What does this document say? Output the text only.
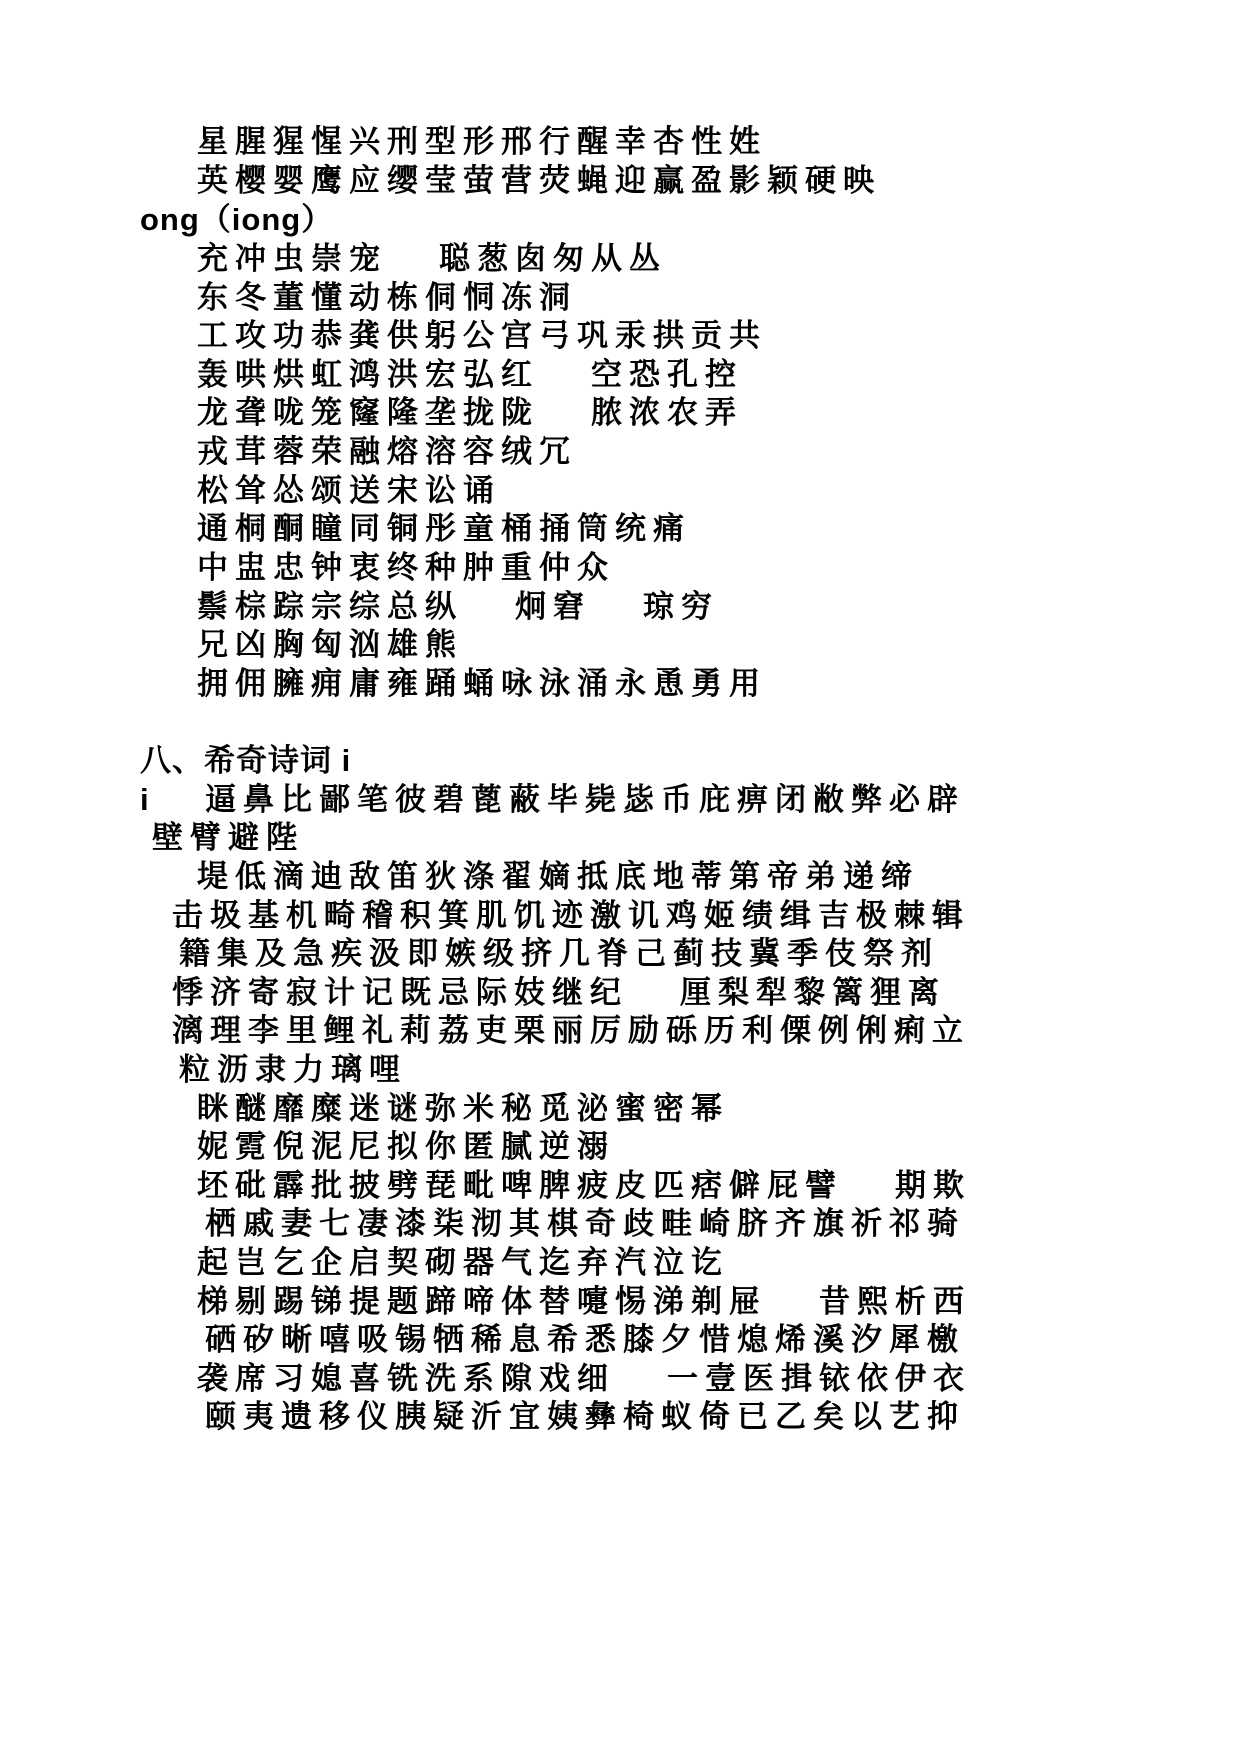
星腥猩惺兴刑型形邢行醒幸杏性姓
英樱婴鹰应缨莹萤营荧蝇迎赢盈影颖硬映
ong（iong）
充冲虫崇宠 聪葱囱匆从丛
东冬董懂动栋侗恫冻洞
工攻功恭龚供躬公宫弓巩汞拱贡共
轰哄烘虹鸿洪宏弘红 空恐孔控
龙聋咙笼窿隆垄拢陇 脓浓农弄
戎茸蓉荣融熔溶容绒冗
松耸怂颂送宋讼诵
通桐酮瞳同铜彤童桶捅筒统痛
中盅忠钟衷终种肿重仲众
鬃棕踪宗综总纵 炯窘 琼穷
兄凶胸匈汹雄熊
拥佣臃痈庸雍踊蛹咏泳涌永恿勇用
八、希奇诗词 i
i 逼鼻比鄙笔彼碧蓖蔽毕毙毖币庇痹闭敝弊必辟
壁臂避陛
堤低滴迪敌笛狄涤翟嫡抵底地蒂第帝弟递缔
击圾基机畸稽积箕肌饥迹激讥鸡姬绩缉吉极棘辑
籍集及急疾汲即嫉级挤几脊己蓟技冀季伎祭剂
悸济寄寂计记既忌际妓继纪 厘梨犁黎篱狸离
漓理李里鲤礼莉荔吏栗丽厉励砾历利傈例俐痢立
粒沥隶力璃哩
眯醚靡糜迷谜弥米秘觅泌蜜密幂
妮霓倪泥尼拟你匿腻逆溺
坯砒霹批披劈琵毗啤脾疲皮匹痞僻屁譬 期欺
栖戚妻七凄漆柒沏其棋奇歧畦崎脐齐旗祈祁骑
起岂乞企启契砌器气迄弃汽泣讫
梯剔踢锑提题蹄啼体替嚏惕涕剃屉 昔熙析西
硒矽晰嘻吸锡牺稀息希悉膝夕惜熄烯溪汐犀檄
袭席习媳喜铣洗系隙戏细 一壹医揖铱依伊衣
颐夷遗移仪胰疑沂宜姨彝椅蚁倚已乙矣以艺抑
